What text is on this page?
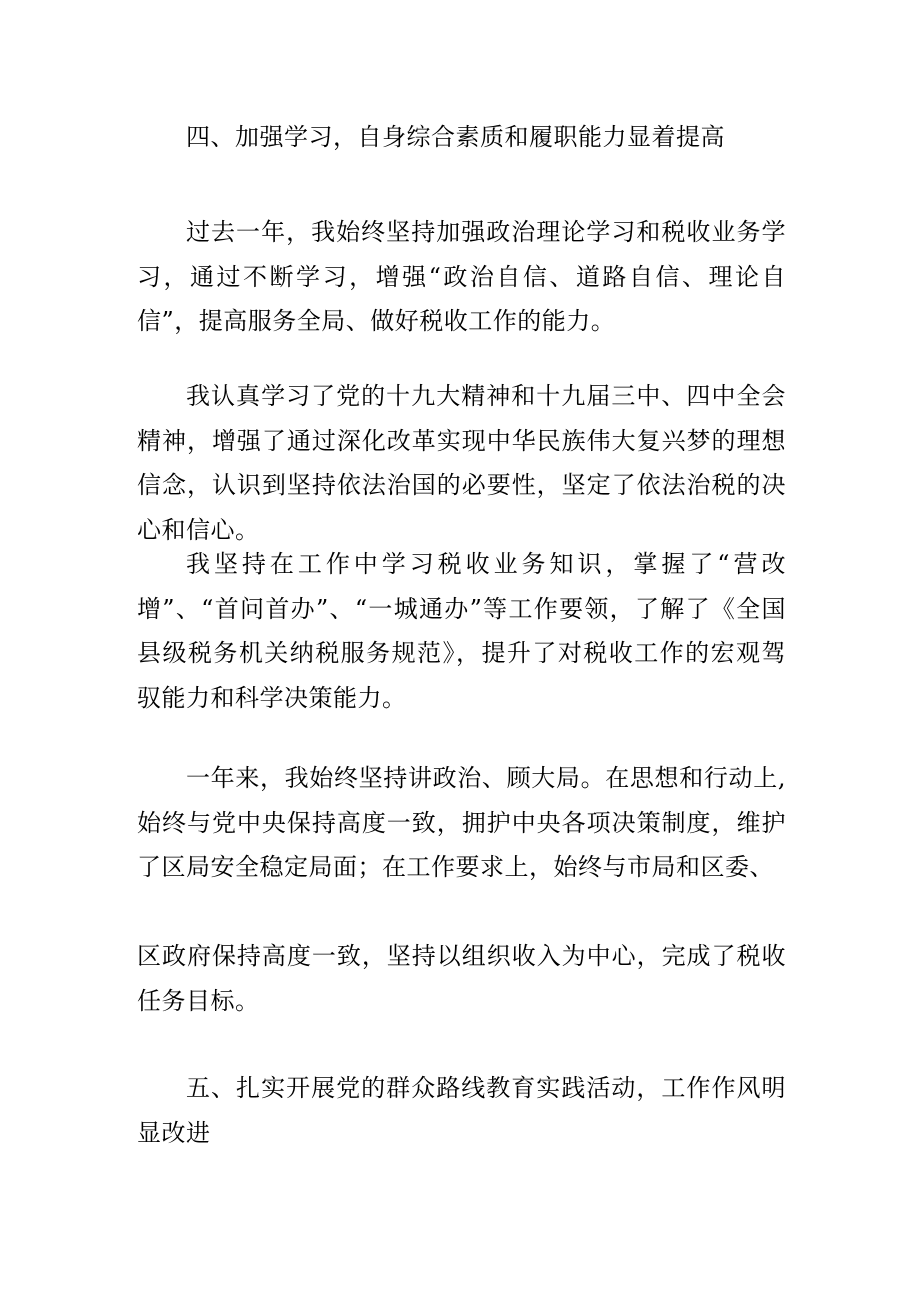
四、加强学习，自身综合素质和履职能力显着提高

过去一年，我始终坚持加强政治理论学习和税收业务学习，通过不断学习，增强“政治自信、道路自信、理论自信”，提高服务全局、做好税收工作的能力。

我认真学习了党的十九大精神和十九届三中、四中全会精神，增强了通过深化改革实现中华民族伟大复兴梦的理想信念，认识到坚持依法治国的必要性，坚定了依法治税的决心和信心。

我坚持在工作中学习税收业务知识，掌握了“营改增”、“首问首办”、“一城通办”等工作要领，了解了《全国县级税务机关纳税服务规范》，提升了对税收工作的宏观驾驭能力和科学决策能力。

一年来，我始终坚持讲政治、顾大局。在思想和行动上,始终与党中央保持高度一致，拥护中央各项决策制度，维护了区局安全稳定局面；在工作要求上，始终与市局和区委、

区政府保持高度一致，坚持以组织收入为中心，完成了税收任务目标。

五、扎实开展党的群众路线教育实践活动，工作作风明显改进
